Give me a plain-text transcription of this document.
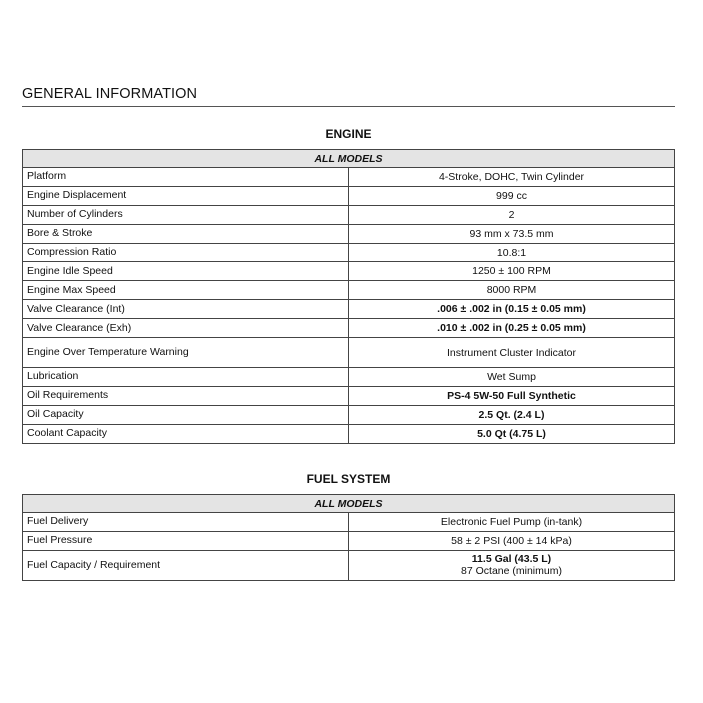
GENERAL INFORMATION
ENGINE
ALL MODELS	
Platform	4-Stroke, DOHC, Twin Cylinder
Engine Displacement	999 cc
Number of Cylinders	2
Bore & Stroke	93 mm x 73.5 mm
Compression Ratio	10.8:1
Engine Idle Speed	1250 ± 100 RPM
Engine Max Speed	8000 RPM
Valve Clearance (Int)	.006 ± .002 in (0.15 ± 0.05 mm)
Valve Clearance (Exh)	.010 ± .002 in (0.25 ± 0.05 mm)
Engine Over Temperature Warning	Instrument Cluster Indicator
Lubrication	Wet Sump
Oil Requirements	PS-4 5W-50 Full Synthetic
Oil Capacity	2.5 Qt. (2.4 L)
Coolant Capacity	5.0 Qt (4.75 L)
FUEL SYSTEM
ALL MODELS	
Fuel Delivery	Electronic Fuel Pump (in-tank)
Fuel Pressure	58 ± 2 PSI (400 ± 14 kPa)
Fuel Capacity / Requirement	11.5 Gal (43.5 L)
87 Octane (minimum)
